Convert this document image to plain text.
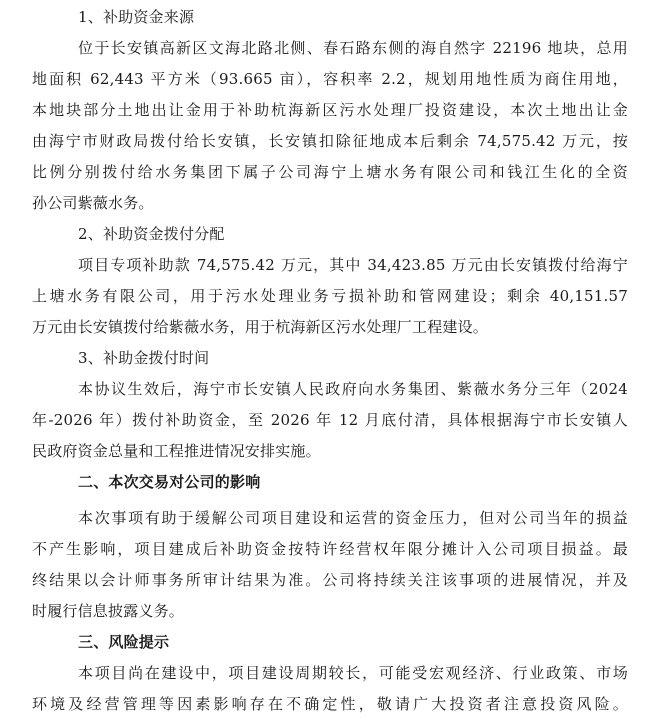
1、补助资金来源
位于长安镇高新区文海北路北侧、春石路东侧的海自然字 22196 地块，总用
地面积 62,443 平方米（93.665 亩），容积率 2.2，规划用地性质为商住用地，
本地块部分土地出让金用于补助杭海新区污水处理厂投资建设，本次土地出让金
由海宁市财政局拨付给长安镇，长安镇扣除征地成本后剩余 74,575.42 万元，按
比例分别拨付给水务集团下属子公司海宁上塘水务有限公司和钱江生化的全资
孙公司紫薇水务。
2、补助资金拨付分配
项目专项补助款 74,575.42 万元，其中 34,423.85 万元由长安镇拨付给海宁
上塘水务有限公司，用于污水处理业务亏损补助和管网建设；剩余 40,151.57
万元由长安镇拨付给紫薇水务，用于杭海新区污水处理厂工程建设。
3、补助金拨付时间
本协议生效后，海宁市长安镇人民政府向水务集团、紫薇水务分三年（2024
年-2026 年）拨付补助资金，至 2026 年 12 月底付清，具体根据海宁市长安镇人
民政府资金总量和工程推进情况安排实施。
二、本次交易对公司的影响
本次事项有助于缓解公司项目建设和运营的资金压力，但对公司当年的损益
不产生影响，项目建成后补助资金按特许经营权年限分摊计入公司项目损益。最
终结果以会计师事务所审计结果为准。公司将持续关注该事项的进展情况，并及
时履行信息披露义务。
三、风险提示
本项目尚在建设中，项目建设周期较长，可能受宏观经济、行业政策、市场
环境及经营管理等因素影响存在不确定性，敬请广大投资者注意投资风险。
